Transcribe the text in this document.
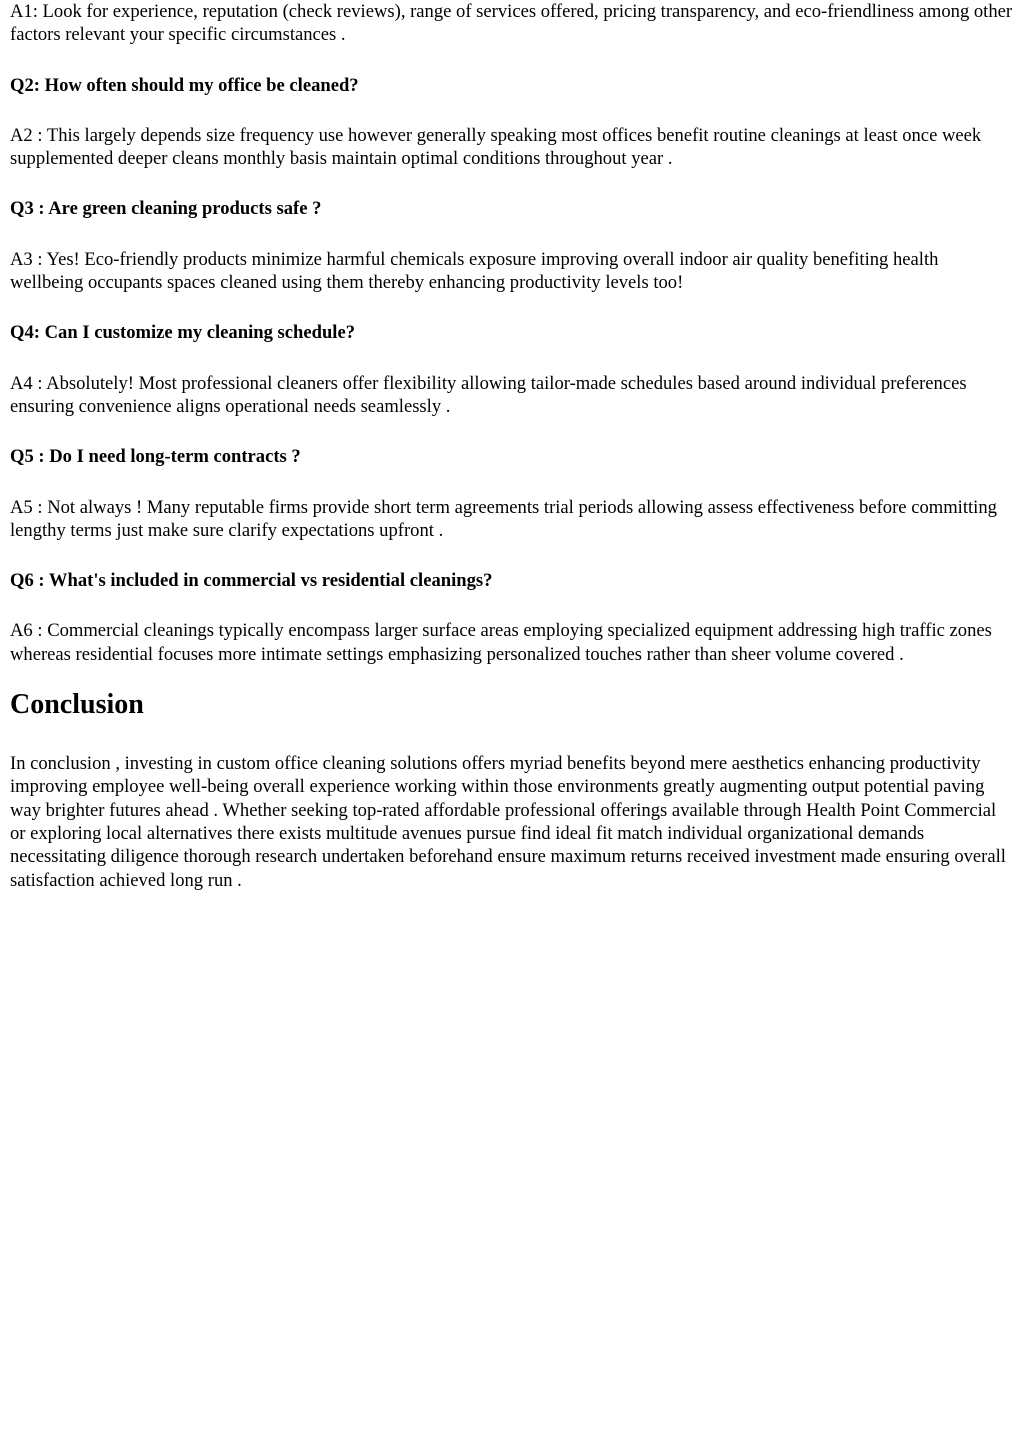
A1: Look for experience, reputation (check reviews), range of services offered, pricing transparency, and eco-friendliness among other factors relevant your specific circumstances .

Q2: How often should my office be cleaned?

A2 : This largely depends size frequency use however generally speaking most offices benefit routine cleanings at least once week supplemented deeper cleans monthly basis maintain optimal conditions throughout year .

Q3 : Are green cleaning products safe ?

A3 : Yes! Eco-friendly products minimize harmful chemicals exposure improving overall indoor air quality benefiting health wellbeing occupants spaces cleaned using them thereby enhancing productivity levels too!

Q4: Can I customize my cleaning schedule?

A4 : Absolutely! Most professional cleaners offer flexibility allowing tailor-made schedules based around individual preferences ensuring convenience aligns operational needs seamlessly .

Q5 : Do I need long-term contracts ?

A5 : Not always ! Many reputable firms provide short term agreements trial periods allowing assess effectiveness before committing lengthy terms just make sure clarify expectations upfront .

Q6 : What's included in commercial vs residential cleanings?

A6 : Commercial cleanings typically encompass larger surface areas employing specialized equipment addressing high traffic zones whereas residential focuses more intimate settings emphasizing personalized touches rather than sheer volume covered .

Conclusion

In conclusion , investing in custom office cleaning solutions offers myriad benefits beyond mere aesthetics enhancing productivity improving employee well-being overall experience working within those environments greatly augmenting output potential paving way brighter futures ahead . Whether seeking top-rated affordable professional offerings available through Health Point Commercial or exploring local alternatives there exists multitude avenues pursue find ideal fit match individual organizational demands necessitating diligence thorough research undertaken beforehand ensure maximum returns received investment made ensuring overall satisfaction achieved long run .
